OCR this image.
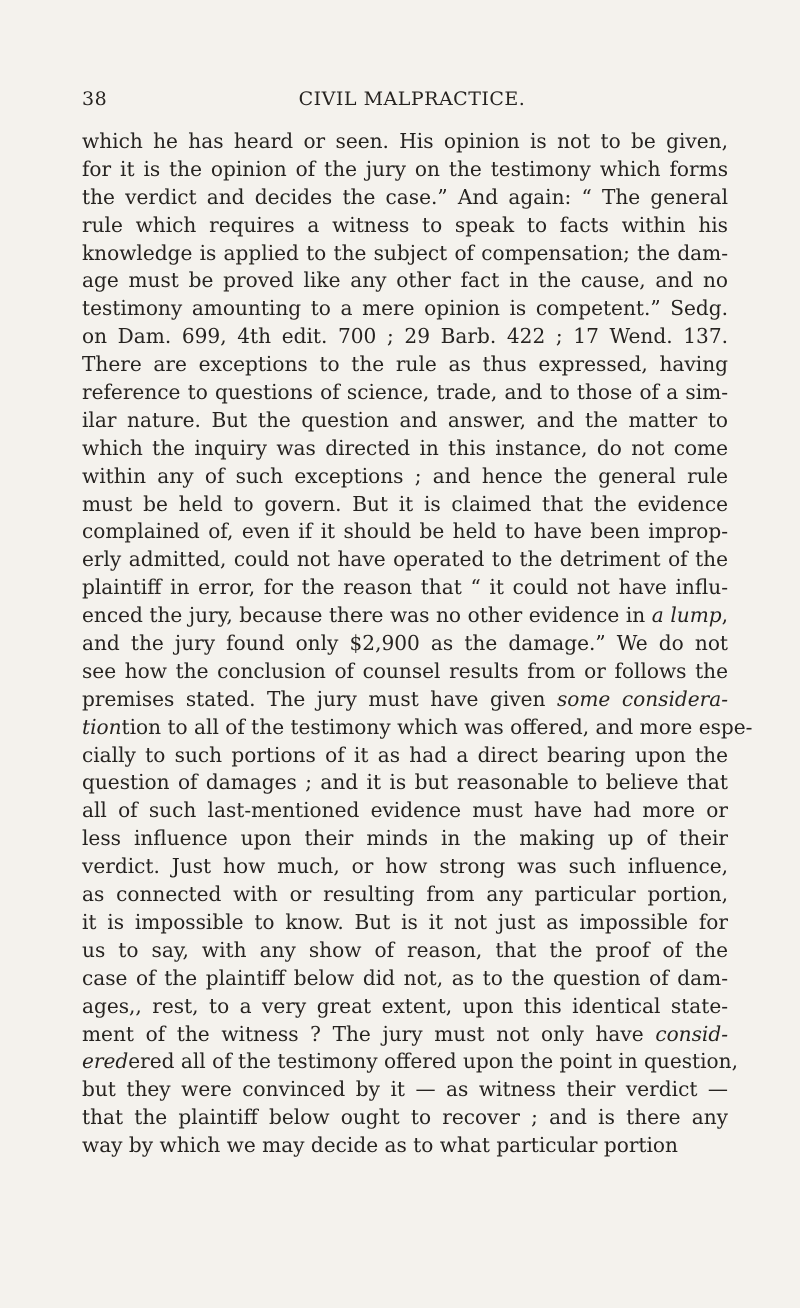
38	CIVIL MALPRACTICE.
which he has heard or seen. His opinion is not to be given,
for it is the opinion of the jury on the testimony which forms
the verdict and decides the case.” And again: “ The general
rule which requires a witness to speak to facts within his
knowledge is applied to the subject of compensation; the dam-
age must be proved like any other fact in the cause, and no
testimony amounting to a mere opinion is competent.” Sedg.
on Dam. 699, 4th edit. 700 ; 29 Barb. 422 ; 17 Wend. 137.
There are exceptions to the rule as thus expressed, having
reference to questions of science, trade, and to those of a sim-
ilar nature. But the question and answer, and the matter to
which the inquiry was directed in this instance, do not come
within any of such exceptions ; and hence the general rule
must be held to govern. But it is claimed that the evidence
complained of, even if it should be held to have been improp-
erly admitted, could not have operated to the detriment of the
plaintiff in error, for the reason that “ it could not have influ-
enced the jury, because there was no other evidence in a lump,
and the jury found only $2,900 as the damage.” We do not
see how the conclusion of counsel results from or follows the
premises stated. The jury must have given some considera-
tiontion to all of the testimony which was offered, and more espe-
cially to such portions of it as had a direct bearing upon the
question of damages ; and it is but reasonable to believe that
all of such last-mentioned evidence must have had more or
less influence upon their minds in the making up of their
verdict. Just how much, or how strong was such influence,
as connected with or resulting from any particular portion,
it is impossible to know. But is it not just as impossible for
us to say, with any show of reason, that the proof of the
case of the plaintiff below did not, as to the question of dam-
ages,, rest, to a very great extent, upon this identical state-
ment of the witness ? The jury must not only have consid-
eredered all of the testimony offered upon the point in question,
but they were convinced by it — as witness their verdict —
that the plaintiff below ought to recover ; and is there any
way by which we may decide as to what particular portion
